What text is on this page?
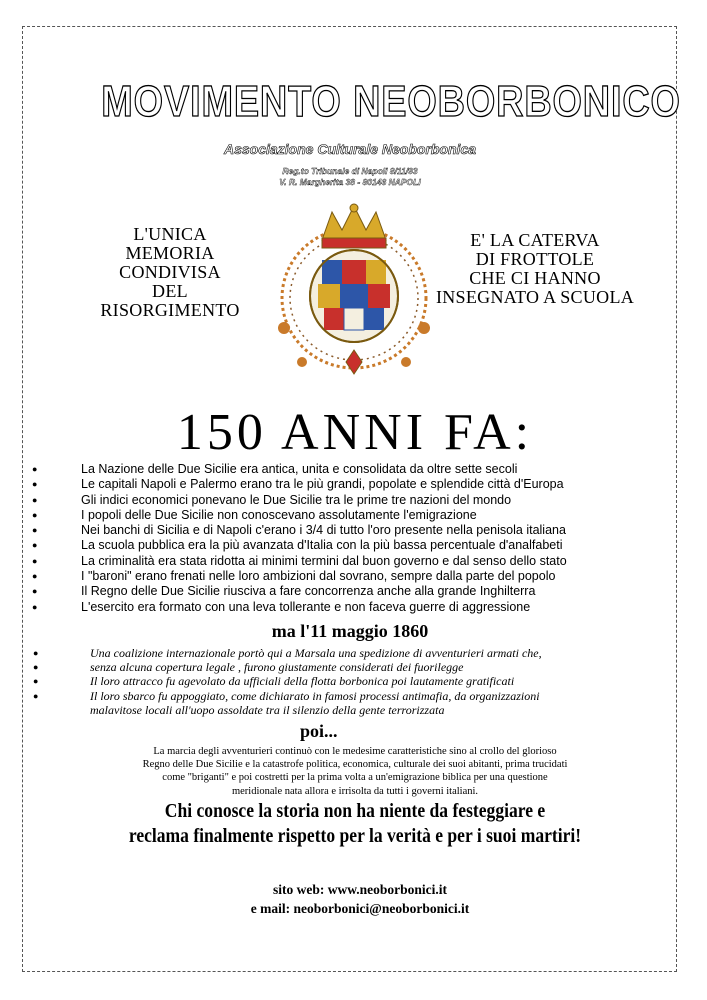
MOVIMENTO NEOBORBONICO
Associazione Culturale Neoborbonica
Reg.to Tribunale di Napoli 8/11/93
V. R. Margherita 38 - 80146 NAPOLI
L'UNICA
MEMORIA
CONDIVISA
DEL
RISORGIMENTO
E' LA CATERVA
DI FROTTOLE
CHE CI HANNO
INSEGNATO A SCUOLA
150 ANNI FA:
●	La Nazione delle Due Sicilie era antica, unita e consolidata da oltre sette secoli
●	Le capitali Napoli e Palermo erano tra le più grandi, popolate e splendide città d'Europa
●	Gli indici economici ponevano le Due Sicilie tra le prime tre nazioni del mondo
●	I popoli delle Due Sicilie non conoscevano assolutamente l'emigrazione
●	Nei banchi di Sicilia e di Napoli c'erano i 3/4 di tutto l'oro presente nella penisola italiana
●	La scuola pubblica era la più avanzata d'Italia con la più bassa percentuale d'analfabeti
●	La criminalità era stata ridotta ai minimi termini dal buon governo e dal senso dello stato
●	I "baroni" erano frenati nelle loro ambizioni dal sovrano, sempre dalla parte del popolo
●	Il Regno delle Due Sicilie riusciva a fare concorrenza anche alla grande Inghilterra
●	L'esercito era formato con una leva tollerante e non faceva guerre di aggressione
ma l'11 maggio 1860
●	Una coalizione internazionale portò qui a Marsala una spedizione di avventurieri armati che,
●	senza alcuna copertura legale , furono giustamente considerati dei fuorilegge
●	Il loro attracco fu agevolato da ufficiali della flotta borbonica poi lautamente gratificati
●	Il loro sbarco fu appoggiato, come dichiarato in famosi processi antimafia, da organizzazioni
malavitose locali all'uopo assoldate tra il silenzio della gente terrorizzata
poi...
La marcia degli avventurieri continuò con le medesime caratteristiche sino al crollo del glorioso
Regno delle Due Sicilie e la catastrofe politica, economica, culturale dei suoi abitanti, prima trucidati
come "briganti" e poi costretti per la prima volta a un'emigrazione biblica per una questione
meridionale nata allora e irrisolta da tutti i governi italiani.
Chi conosce la storia non ha niente da festeggiare e
reclama finalmente rispetto per la verità e per i suoi martiri!
sito web: www.neoborbonici.it
e mail: neoborbonici@neoborbonici.it
